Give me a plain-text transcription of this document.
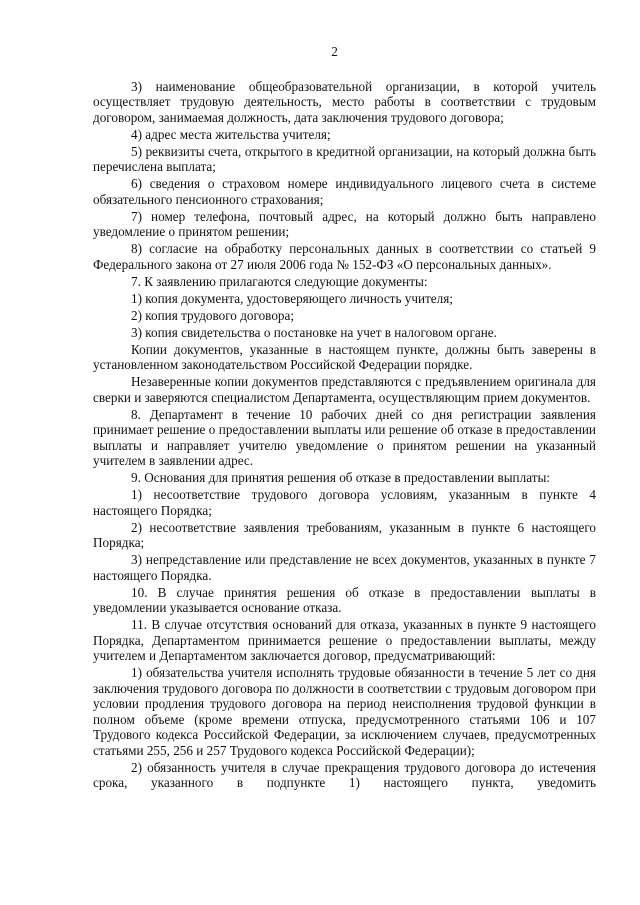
2

3) наименование общеобразовательной организации, в которой учитель осуществляет трудовую деятельность, место работы в соответствии с трудовым договором, занимаемая должность, дата заключения трудового договора;

4) адрес места жительства учителя;

5) реквизиты счета, открытого в кредитной организации, на который должна быть перечислена выплата;

6) сведения о страховом номере индивидуального лицевого счета в системе обязательного пенсионного страхования;

7) номер телефона, почтовый адрес, на который должно быть направлено уведомление о принятом решении;

8) согласие на обработку персональных данных в соответствии со статьей 9 Федерального закона от 27 июля 2006 года № 152-ФЗ «О персональных данных».

7. К заявлению прилагаются следующие документы:

1) копия документа, удостоверяющего личность учителя;

2) копия трудового договора;

3) копия свидетельства о постановке на учет в налоговом органе.

Копии документов, указанные в настоящем пункте, должны быть заверены в установленном законодательством Российской Федерации порядке.

Незаверенные копии документов представляются с предъявлением оригинала для сверки и заверяются специалистом Департамента, осуществляющим прием документов.

8. Департамент в течение 10 рабочих дней со дня регистрации заявления принимает решение о предоставлении выплаты или решение об отказе в предоставлении выплаты и направляет учителю уведомление о принятом решении на указанный учителем в заявлении адрес.

9. Основания для принятия решения об отказе в предоставлении выплаты:

1) несоответствие трудового договора условиям, указанным в пункте 4 настоящего Порядка;

2) несоответствие заявления требованиям, указанным в пункте 6 настоящего Порядка;

3) непредставление или представление не всех документов, указанных в пункте 7 настоящего Порядка.

10. В случае принятия решения об отказе в предоставлении выплаты в уведомлении указывается основание отказа.

11. В случае отсутствия оснований для отказа, указанных в пункте 9 настоящего Порядка, Департаментом принимается решение о предоставлении выплаты, между учителем и Департаментом заключается договор, предусматривающий:

1) обязательства учителя исполнять трудовые обязанности в течение 5 лет со дня заключения трудового договора по должности в соответствии с трудовым договором при условии продления трудового договора на период неисполнения трудовой функции в полном объеме (кроме времени отпуска, предусмотренного статьями 106 и 107 Трудового кодекса Российской Федерации, за исключением случаев, предусмотренных статьями 255, 256 и 257 Трудового кодекса Российской Федерации);

2) обязанность учителя в случае прекращения трудового договора до истечения срока, указанного в подпункте 1) настоящего пункта, уведомить
